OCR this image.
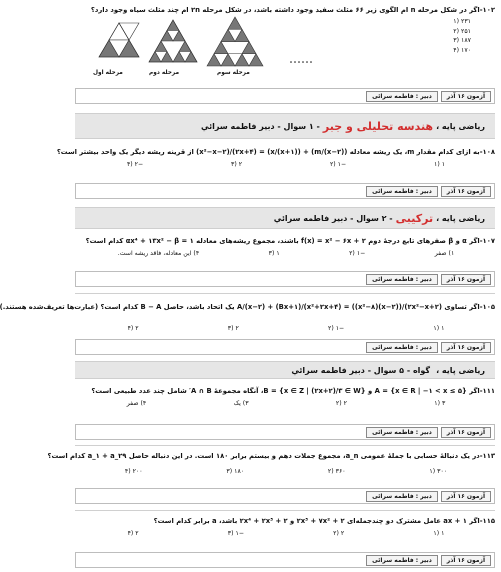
۱۰۲-اگر در شکل مرحله n ام الگوی زیر ۶۶ مثلث سفید وجود داشته باشد، در شکل مرحله ۲n ام چند مثلث سیاه وجود دارد؟
۲۳۱ (۱
۲۵۱ (۲
۱۸۷ (۳
۱۷۰ (۴
مرحله اول	مرحله دوم	مرحله سوم
آزمون ۱۶ آذر
دبیر : فاطمه سرائی
ریاضی پایه ،
هندسه تحلیلی و جبر
- ۱ سوال - دبیر فاطمه سرائي
۱۰۸-به ازای کدام مقدار m، یک ریشه معادله (m/(x−۲)) + (x/(x+۱)) = (۲x+۴)/(x²−x−۲) از قرینه ریشه دیگر یک واحد بیشتر است؟
۱ (۱
−۱ (۲
۲ (۳
−۲ (۴
آزمون ۱۶ آذر
دبیر : فاطمه سرائی
ریاضی پایه ،
ترکیبی
- ۲ سوال - دبیر فاطمه سرائي
۱۰۷-اگر α و β صفرهای تابع درجهٔ دوم f(x) = x² − ۶x + ۲ باشند، مجموع ریشه‌های معادله ۱ = αx⁴ + ۱۳x² − β کدام است؟
۱) صفر
−۱ (۲
۱ (۳
۴) این معادله، فاقد ریشه است.
آزمون ۱۶ آذر
دبیر : فاطمه سرائی
۱۰۵-اگر تساوی (۲x²−x+۲)/((x−۲)(x²−۸)) = A/(x−۲) + (Bx+۱)/(x²+۲x+۴) یک اتحاد باشد، حاصل B − A کدام است؟ (عبارت‌ها تعریف‌شده هستند.)
۱ (۱
−۱ (۲
۲ (۳
۲ (۴
آزمون ۱۶ آذر
دبیر : فاطمه سرائی
ریاضی پایه ،
گواه - ۵ سوال - دبیر فاطمه سرائي
۱۱۱-اگر A = {x ∈ R | −۱ < x ≤ ۵} و B = {x ∈ Z | (۲x+۲)/۳ ∈ W}، آنگاه مجموعهٔ A ∩ B′ شامل چند عدد طبیعی است؟
۳ (۱
۲ (۲
۳) یک
۴) صفر
آزمون ۱۶ آذر
دبیر : فاطمه سرائی
۱۱۳-در یک دنبالهٔ حسابی با جملهٔ عمومی a_n، مجموع جملات دهم و بیستم برابر ۱۸۰ است. در این دنباله حاصل a_۱ + a_۲۹ کدام است؟
۳۰۰ (۱
۳۶۰ (۲
۱۸۰ (۳
۲۰۰ (۴
آزمون ۱۶ آذر
دبیر : فاطمه سرائی
۱۱۵-اگر ax + ۱ عامل مشترک دو چندجمله‌ای ۲x³ + ۷x² + ۲ و ۲x⁴ + ۲x³ + ۲ باشد، a برابر کدام است؟
۱ (۱
۲ (۲
−۱ (۳
۲ (۴
آزمون ۱۶ آذر
دبیر : فاطمه سرائی
